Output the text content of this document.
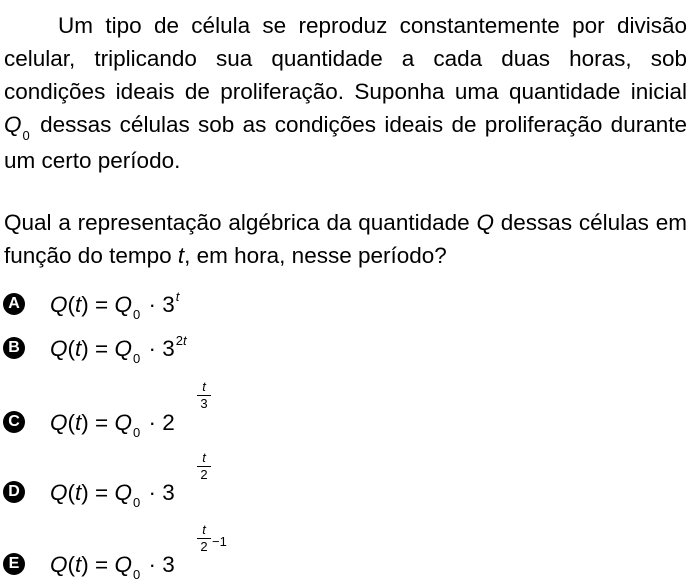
Um tipo de célula se reproduz constantemente por divisão celular, triplicando sua quantidade a cada duas horas, sob condições ideais de proliferação. Suponha uma quantidade inicial $Q_0$ dessas células sob as condições ideais de proliferação durante um certo período.

Qual a representação algébrica da quantidade Q dessas células em função do tempo t, em hora, nesse período?

A $Q(t) = Q_0 \cdot 3^t$
B $Q(t) = Q_0 \cdot 3^{2t}$
C $Q(t) = Q_0 \cdot 2$
t
3
D $Q(t) = Q_0 \cdot 3$
t
2
E $Q(t) = Q_0 \cdot 3$
t
2 −1
